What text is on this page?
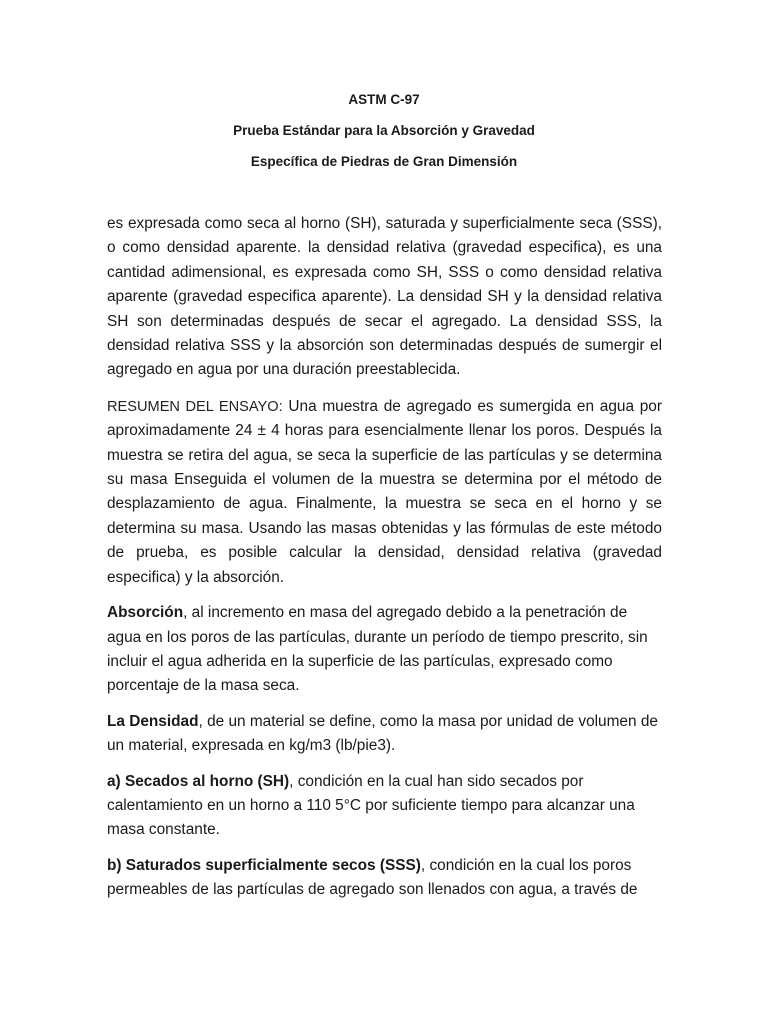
ASTM C-97
Prueba Estándar para la Absorción y Gravedad
Específica de Piedras de Gran Dimensión

es expresada como seca al horno (SH), saturada y superficialmente seca (SSS), o como densidad aparente. la densidad relativa (gravedad especifica), es una cantidad adimensional, es expresada como SH, SSS o como densidad relativa aparente (gravedad especifica aparente). La densidad SH y la densidad relativa SH son determinadas después de secar el agregado. La densidad SSS, la densidad relativa SSS y la absorción son determinadas después de sumergir el agregado en agua por una duración preestablecida.

RESUMEN DEL ENSAYO: Una muestra de agregado es sumergida en agua por aproximadamente 24 ± 4 horas para esencialmente llenar los poros. Después la muestra se retira del agua, se seca la superficie de las partículas y se determina su masa Enseguida el volumen de la muestra se determina por el método de desplazamiento de agua. Finalmente, la muestra se seca en el horno y se determina su masa. Usando las masas obtenidas y las fórmulas de este método de prueba, es posible calcular la densidad, densidad relativa (gravedad especifica) y la absorción.

Absorción, al incremento en masa del agregado debido a la penetración de agua en los poros de las partículas, durante un período de tiempo prescrito, sin incluir el agua adherida en la superficie de las partículas, expresado como porcentaje de la masa seca.

La Densidad, de un material se define, como la masa por unidad de volumen de un material, expresada en kg/m3 (lb/pie3).

a) Secados al horno (SH), condición en la cual han sido secados por calentamiento en un horno a 110 5°C por suficiente tiempo para alcanzar una masa constante.

b) Saturados superficialmente secos (SSS), condición en la cual los poros permeables de las partículas de agregado son llenados con agua, a través de
